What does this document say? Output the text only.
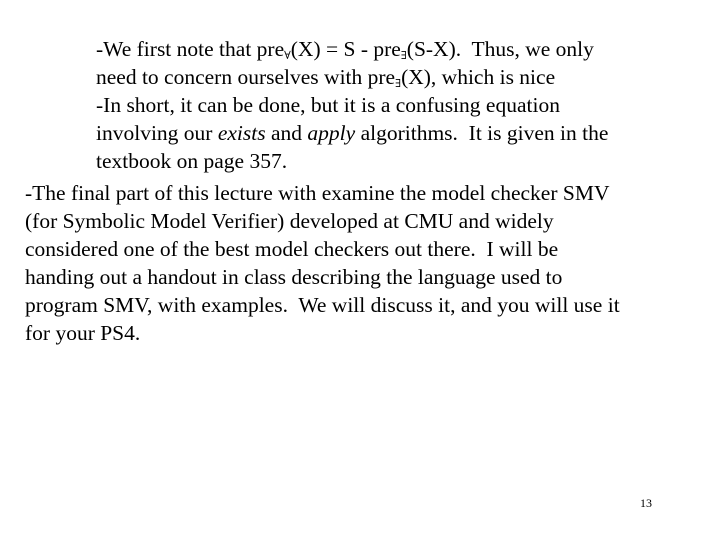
-We first note that pre$_\forall$(X) = S - pre$_\exists$(S-X).  Thus, we only
need to concern ourselves with pre$_\exists$(X), which is nice
-In short, it can be done, but it is a confusing equation
involving our exists and apply algorithms.  It is given in the
textbook on page 357.
-The final part of this lecture with examine the model checker SMV
(for Symbolic Model Verifier) developed at CMU and widely
considered one of the best model checkers out there.  I will be
handing out a handout in class describing the language used to
program SMV, with examples.  We will discuss it, and you will use it
for your PS4.
13
